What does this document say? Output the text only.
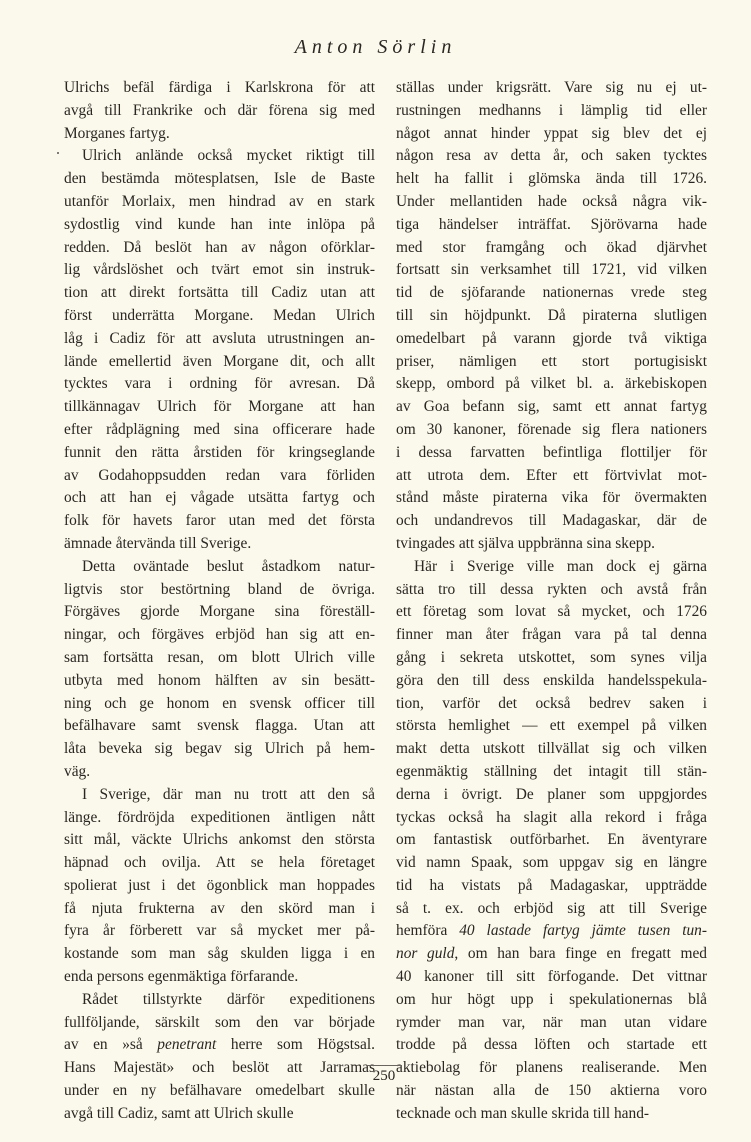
Anton Sörlin

Ulrichs befäl färdiga i Karlskrona för att
avgå till Frankrike och där förena sig med
Morganes fartyg.

Ulrich anlände också mycket riktigt till
den bestämda mötesplatsen, Isle de Baste
utanför Morlaix, men hindrad av en stark
sydostlig vind kunde han inte inlöpa på
redden. Då beslöt han av någon oförklar-
lig vårdslöshet och tvärt emot sin instruk-
tion att direkt fortsätta till Cadiz utan att
först underrätta Morgane. Medan Ulrich
låg i Cadiz för att avsluta utrustningen an-
lände emellertid även Morgane dit, och allt
tycktes vara i ordning för avresan. Då
tillkännagav Ulrich för Morgane att han
efter rådplägning med sina officerare hade
funnit den rätta årstiden för kringseglande
av Godahoppsudden redan vara förliden
och att han ej vågade utsätta fartyg och
folk för havets faror utan med det första
ämnade återvända till Sverige.

Detta oväntade beslut åstadkom natur-
ligtvis stor bestörtning bland de övriga.
Förgäves gjorde Morgane sina föreställ-
ningar, och förgäves erbjöd han sig att en-
sam fortsätta resan, om blott Ulrich ville
utbyta med honom hälften av sin besätt-
ning och ge honom en svensk officer till
befälhavare samt svensk flagga. Utan att
låta beveka sig begav sig Ulrich på hem-
väg.

I Sverige, där man nu trott att den så
länge. fördröjda expeditionen äntligen nått
sitt mål, väckte Ulrichs ankomst den största
häpnad och ovilja. Att se hela företaget
spolierat just i det ögonblick man hoppades
få njuta frukterna av den skörd man i
fyra år förberett var så mycket mer på-
kostande som man såg skulden ligga i en
enda persons egenmäktiga förfarande.

Rådet tillstyrkte därför expeditionens
fullföljande, särskilt som den var började
av en »så penetrant herre som Högstsal.
Hans Majestät» och beslöt att Jarramas
under en ny befälhavare omedelbart skulle
avgå till Cadiz, samt att Ulrich skulle

ställas under krigsrätt. Vare sig nu ej ut-
rustningen medhanns i lämplig tid eller
något annat hinder yppat sig blev det ej
någon resa av detta år, och saken tycktes
helt ha fallit i glömska ända till 1726.
Under mellantiden hade också några vik-
tiga händelser inträffat. Sjörövarna hade
med stor framgång och ökad djärvhet
fortsatt sin verksamhet till 1721, vid vilken
tid de sjöfarande nationernas vrede steg
till sin höjdpunkt. Då piraterna slutligen
omedelbart på varann gjorde två viktiga
priser, nämligen ett stort portugisiskt
skepp, ombord på vilket bl. a. ärkebiskopen
av Goa befann sig, samt ett annat fartyg
om 30 kanoner, förenade sig flera nationers
i dessa farvatten befintliga flottiljer för
att utrota dem. Efter ett förtvivlat mot-
stånd måste piraterna vika för övermakten
och undandrevos till Madagaskar, där de
tvingades att själva uppbränna sina skepp.

Här i Sverige ville man dock ej gärna
sätta tro till dessa rykten och avstå från
ett företag som lovat så mycket, och 1726
finner man åter frågan vara på tal denna
gång i sekreta utskottet, som synes vilja
göra den till dess enskilda handelsspekula-
tion, varför det också bedrev saken i
största hemlighet — ett exempel på vilken
makt detta utskott tillvällat sig och vilken
egenmäktig ställning det intagit till stän-
derna i övrigt. De planer som uppgjordes
tyckas också ha slagit alla rekord i fråga
om fantastisk outförbarhet. En äventyrare
vid namn Spaak, som uppgav sig en längre
tid ha vistats på Madagaskar, uppträdde
så t. ex. och erbjöd sig att till Sverige
hemföra 40 lastade fartyg jämte tusen tun-
nor guld, om han bara finge en fregatt med
40 kanoner till sitt förfogande. Det vittnar
om hur högt upp i spekulationernas blå
rymder man var, när man utan vidare
trodde på dessa löften och startade ett
aktiebolag för planens realiserande. Men
när nästan alla de 150 aktierna voro
tecknade och man skulle skrida till hand-

250
